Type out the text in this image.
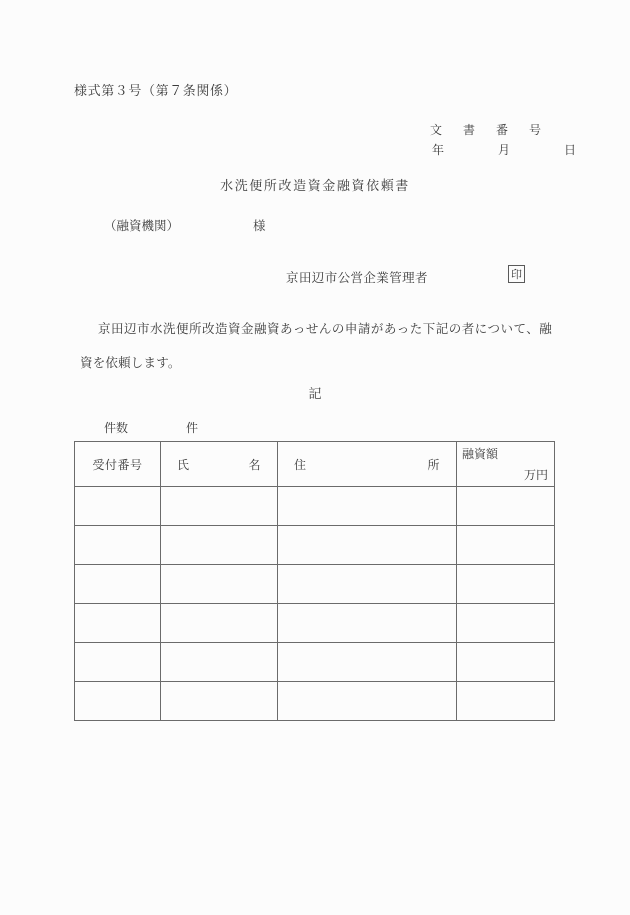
様式第３号（第７条関係）
文　書　番　号
年　　　月　　　日
水洗便所改造資金融資依頼書
（融資機関）	様
京田辺市公営企業管理者	印
京田辺市水洗便所改造資金融資あっせんの申請があった下記の者について、融資を依頼します。
記
件数	件
受付番号	氏　　　　名	住　　　　所	融資額
万円
